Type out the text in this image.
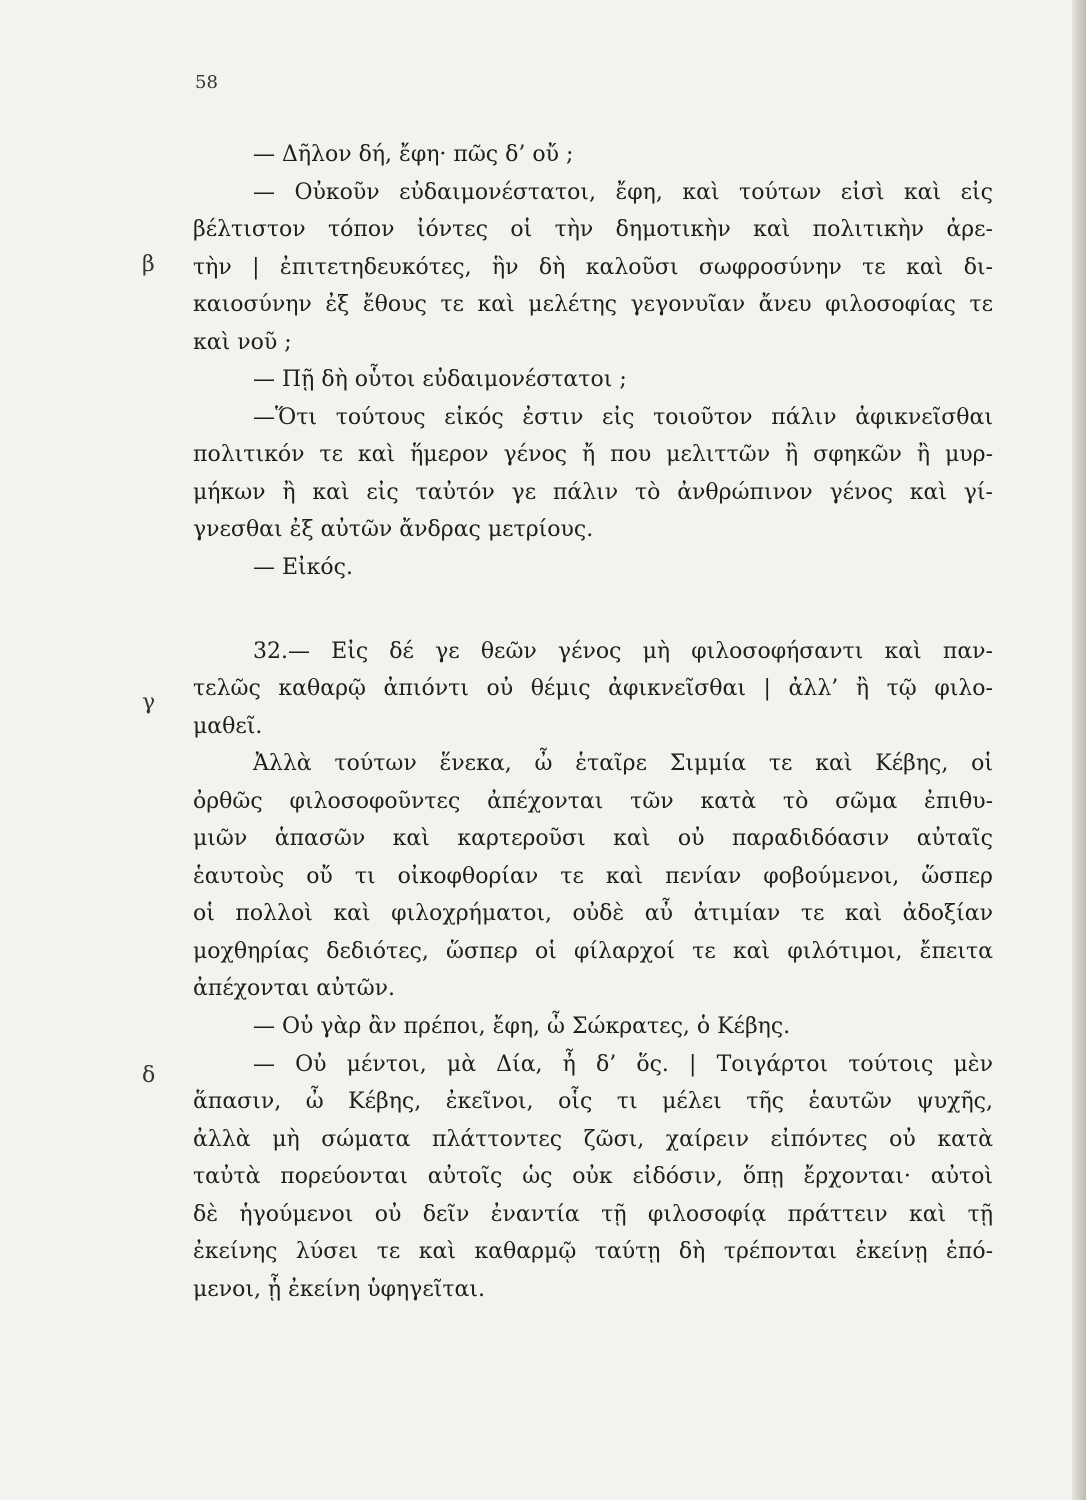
58
β
γ
δ
— Δῆλον δή, ἔφη· πῶς δ’ οὔ ;
— Οὐκοῦν εὐδαιμονέστατοι, ἔφη, καὶ τούτων εἰσὶ καὶ εἰς
βέλτιστον τόπον ἰόντες οἱ τὴν δημοτικὴν καὶ πολιτικὴν ἀρε-
τὴν | ἐπιτετηδευκότες, ἣν δὴ καλοῦσι σωφροσύνην τε καὶ δι-
καιοσύνην ἐξ ἔθους τε καὶ μελέτης γεγονυῖαν ἄνευ φιλοσοφίας τε
καὶ νοῦ ;
— Πῇ δὴ οὗτοι εὐδαιμονέστατοι ;
—Ὅτι τούτους εἰκός ἐστιν εἰς τοιοῦτον πάλιν ἀφικνεῖσθαι
πολιτικόν τε καὶ ἥμερον γένος ἤ που μελιττῶν ἢ σφηκῶν ἢ μυρ-
μήκων ἢ καὶ εἰς ταὐτόν γε πάλιν τὸ ἀνθρώπινον γένος καὶ γί-
γνεσθαι ἐξ αὐτῶν ἄνδρας μετρίους.
— Εἰκός.
32.— Εἰς δέ γε θεῶν γένος μὴ φιλοσοφήσαντι καὶ παν-
τελῶς καθαρῷ ἀπιόντι οὐ θέμις ἀφικνεῖσθαι | ἀλλ’ ἢ τῷ φιλο-
μαθεῖ.
Ἀλλὰ τούτων ἕνεκα, ὦ ἑταῖρε Σιμμία τε καὶ Κέβης, οἱ
ὀρθῶς φιλοσοφοῦντες ἀπέχονται τῶν κατὰ τὸ σῶμα ἐπιθυ-
μιῶν ἁπασῶν καὶ καρτεροῦσι καὶ οὐ παραδιδόασιν αὐταῖς
ἑαυτοὺς οὔ τι οἰκοφθορίαν τε καὶ πενίαν φοβούμενοι, ὥσπερ
οἱ πολλοὶ καὶ φιλοχρήματοι, οὐδὲ αὖ ἀτιμίαν τε καὶ ἀδοξίαν
μοχθηρίας δεδιότες, ὥσπερ οἱ φίλαρχοί τε καὶ φιλότιμοι, ἔπειτα
ἀπέχονται αὐτῶν.
— Οὐ γὰρ ἂν πρέποι, ἔφη, ὦ Σώκρατες, ὁ Κέβης.
— Οὐ μέντοι, μὰ Δία, ἦ δ’ ὅς. | Τοιγάρτοι τούτοις μὲν
ἅπασιν, ὦ Κέβης, ἐκεῖνοι, οἷς τι μέλει τῆς ἑαυτῶν ψυχῆς,
ἀλλὰ μὴ σώματα πλάττοντες ζῶσι, χαίρειν εἰπόντες οὐ κατὰ
ταὐτὰ πορεύονται αὐτοῖς ὡς οὐκ εἰδόσιν, ὅπῃ ἔρχονται· αὐτοὶ
δὲ ἡγούμενοι οὐ δεῖν ἐναντία τῇ φιλοσοφίᾳ πράττειν καὶ τῇ
ἐκείνης λύσει τε καὶ καθαρμῷ ταύτῃ δὴ τρέπονται ἐκείνῃ ἑπό-
μενοι, ᾗ ἐκείνη ὑφηγεῖται.
